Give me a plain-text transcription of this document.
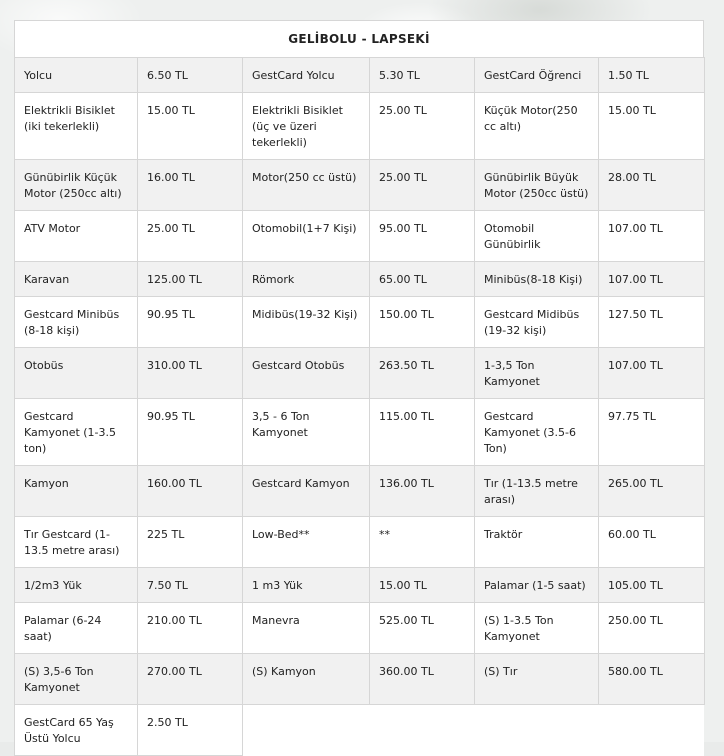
GELİBOLU - LAPSEKİ
Yolcu	6.50 TL	GestCard Yolcu	5.30 TL	GestCard Öğrenci	1.50 TL
Elektrikli Bisiklet (iki tekerlekli)	15.00 TL	Elektrikli Bisiklet (üç ve üzeri tekerlekli)	25.00 TL	Küçük Motor(250 cc altı)	15.00 TL
Günübirlik Küçük Motor (250cc altı)	16.00 TL	Motor(250 cc üstü)	25.00 TL	Günübirlik Büyük Motor (250cc üstü)	28.00 TL
ATV Motor	25.00 TL	Otomobil(1+7 Kişi)	95.00 TL	Otomobil Günübirlik	107.00 TL
Karavan	125.00 TL	Römork	65.00 TL	Minibüs(8-18 Kişi)	107.00 TL
Gestcard Minibüs (8-18 kişi)	90.95 TL	Midibüs(19-32 Kişi)	150.00 TL	Gestcard Midibüs (19-32 kişi)	127.50 TL
Otobüs	310.00 TL	Gestcard Otobüs	263.50 TL	1-3,5 Ton Kamyonet	107.00 TL
Gestcard Kamyonet (1-3.5 ton)	90.95 TL	3,5 - 6 Ton Kamyonet	115.00 TL	Gestcard Kamyonet (3.5-6 Ton)	97.75 TL
Kamyon	160.00 TL	Gestcard Kamyon	136.00 TL	Tır (1-13.5 metre arası)	265.00 TL
Tır Gestcard (1-13.5 metre arası)	225 TL	Low-Bed**	**	Traktör	60.00 TL
1/2m3 Yük	7.50 TL	1 m3 Yük	15.00 TL	Palamar (1-5 saat)	105.00 TL
Palamar (6-24 saat)	210.00 TL	Manevra	525.00 TL	(S) 1-3.5 Ton Kamyonet	250.00 TL
(S) 3,5-6 Ton Kamyonet	270.00 TL	(S) Kamyon	360.00 TL	(S) Tır	580.00 TL
GestCard 65 Yaş Üstü Yolcu	2.50 TL				
